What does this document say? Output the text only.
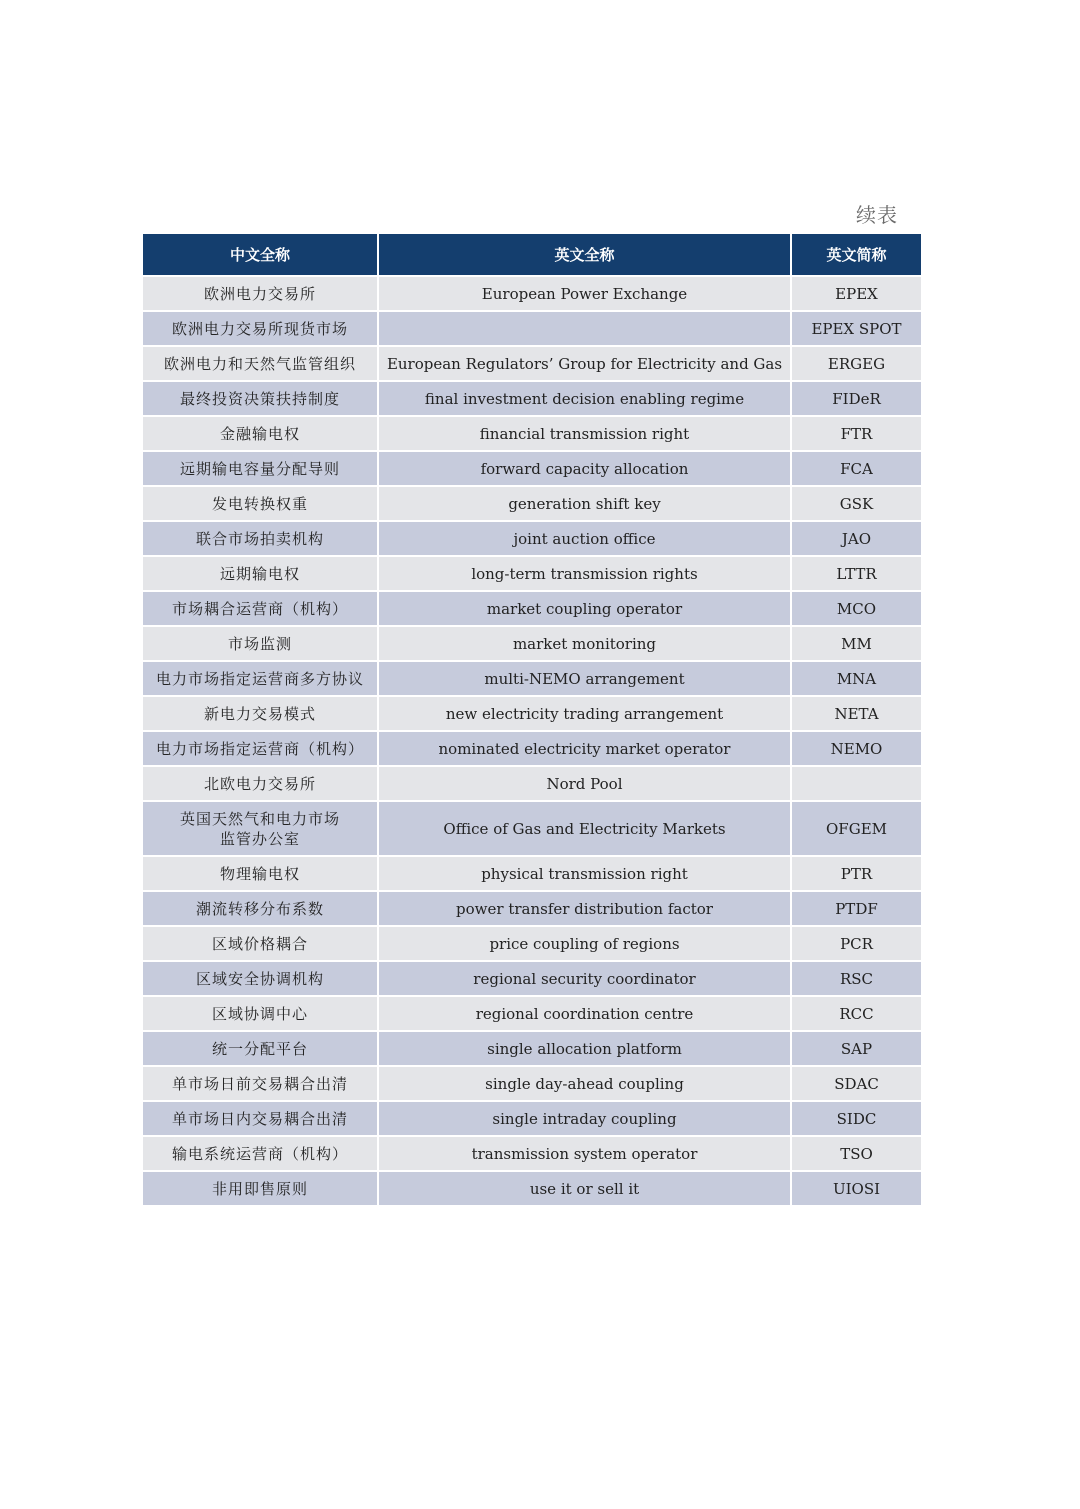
续表
中文全称	英文全称	英文简称
欧洲电力交易所	European Power Exchange	EPEX
欧洲电力交易所现货市场		EPEX SPOT
欧洲电力和天然气监管组织	European Regulators’ Group for Electricity and Gas	ERGEG
最终投资决策扶持制度	final investment decision enabling regime	FIDeR
金融输电权	financial transmission right	FTR
远期输电容量分配导则	forward capacity allocation	FCA
发电转换权重	generation shift key	GSK
联合市场拍卖机构	joint auction office	JAO
远期输电权	long-term transmission rights	LTTR
市场耦合运营商（机构）	market coupling operator	MCO
市场监测	market monitoring	MM
电力市场指定运营商多方协议	multi-NEMO arrangement	MNA
新电力交易模式	new electricity trading arrangement	NETA
电力市场指定运营商（机构）	nominated electricity market operator	NEMO
北欧电力交易所	Nord Pool	
英国天然气和电力市场
监管办公室	Office of Gas and Electricity Markets	OFGEM
物理输电权	physical transmission right	PTR
潮流转移分布系数	power transfer distribution factor	PTDF
区域价格耦合	price coupling of regions	PCR
区域安全协调机构	regional security coordinator	RSC
区域协调中心	regional coordination centre	RCC
统一分配平台	single allocation platform	SAP
单市场日前交易耦合出清	single day-ahead coupling	SDAC
单市场日内交易耦合出清	single intraday coupling	SIDC
输电系统运营商（机构）	transmission system operator	TSO
非用即售原则	use it or sell it	UIOSI
